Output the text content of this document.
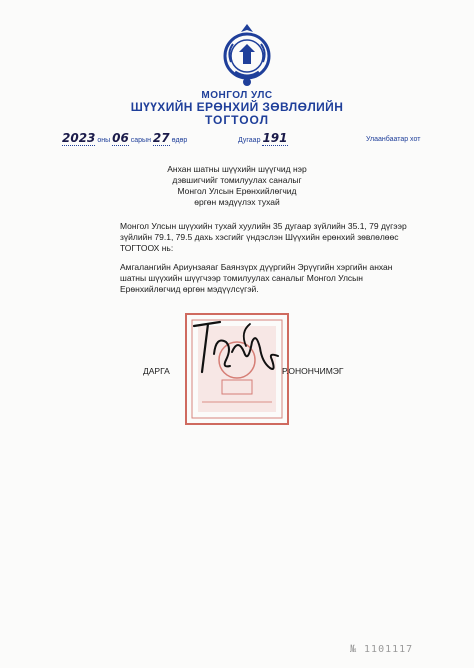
МОНГОЛ УЛС
ШҮҮХИЙН ЕРӨНХИЙ ЗӨВЛӨЛИЙН
ТОГТООЛ
2023 оны 06 сарын 27 өдөр	Дугаар 191	Улаанбаатар хот
Анхан шатны шүүхийн шүүгчид нэр
дэвшигчийг томилуулах саналыг
Монгол Улсын Ерөнхийлөгчид
өргөн мэдүүлэх тухай
Монгол Улсын шүүхийн тухай хуулийн 35 дугаар зүйлийн 35.1, 79 дүгээр зүйлийн 79.1, 79.5 дахь хэсгийг үндэслэн Шүүхийн ерөнхий зөвлөлөөс ТОГТООХ нь:
Амгалангийн Ариунзаяаг Баянзүрх дүүргийн Эрүүгийн хэргийн анхан шатны шүүхийн шүүгчээр томилуулах саналыг Монгол Улсын Ерөнхийлөгчид өргөн мэдүүлсүгэй.
ДАРГА	Р.ОНОНЧИМЭГ
№ 1101117
